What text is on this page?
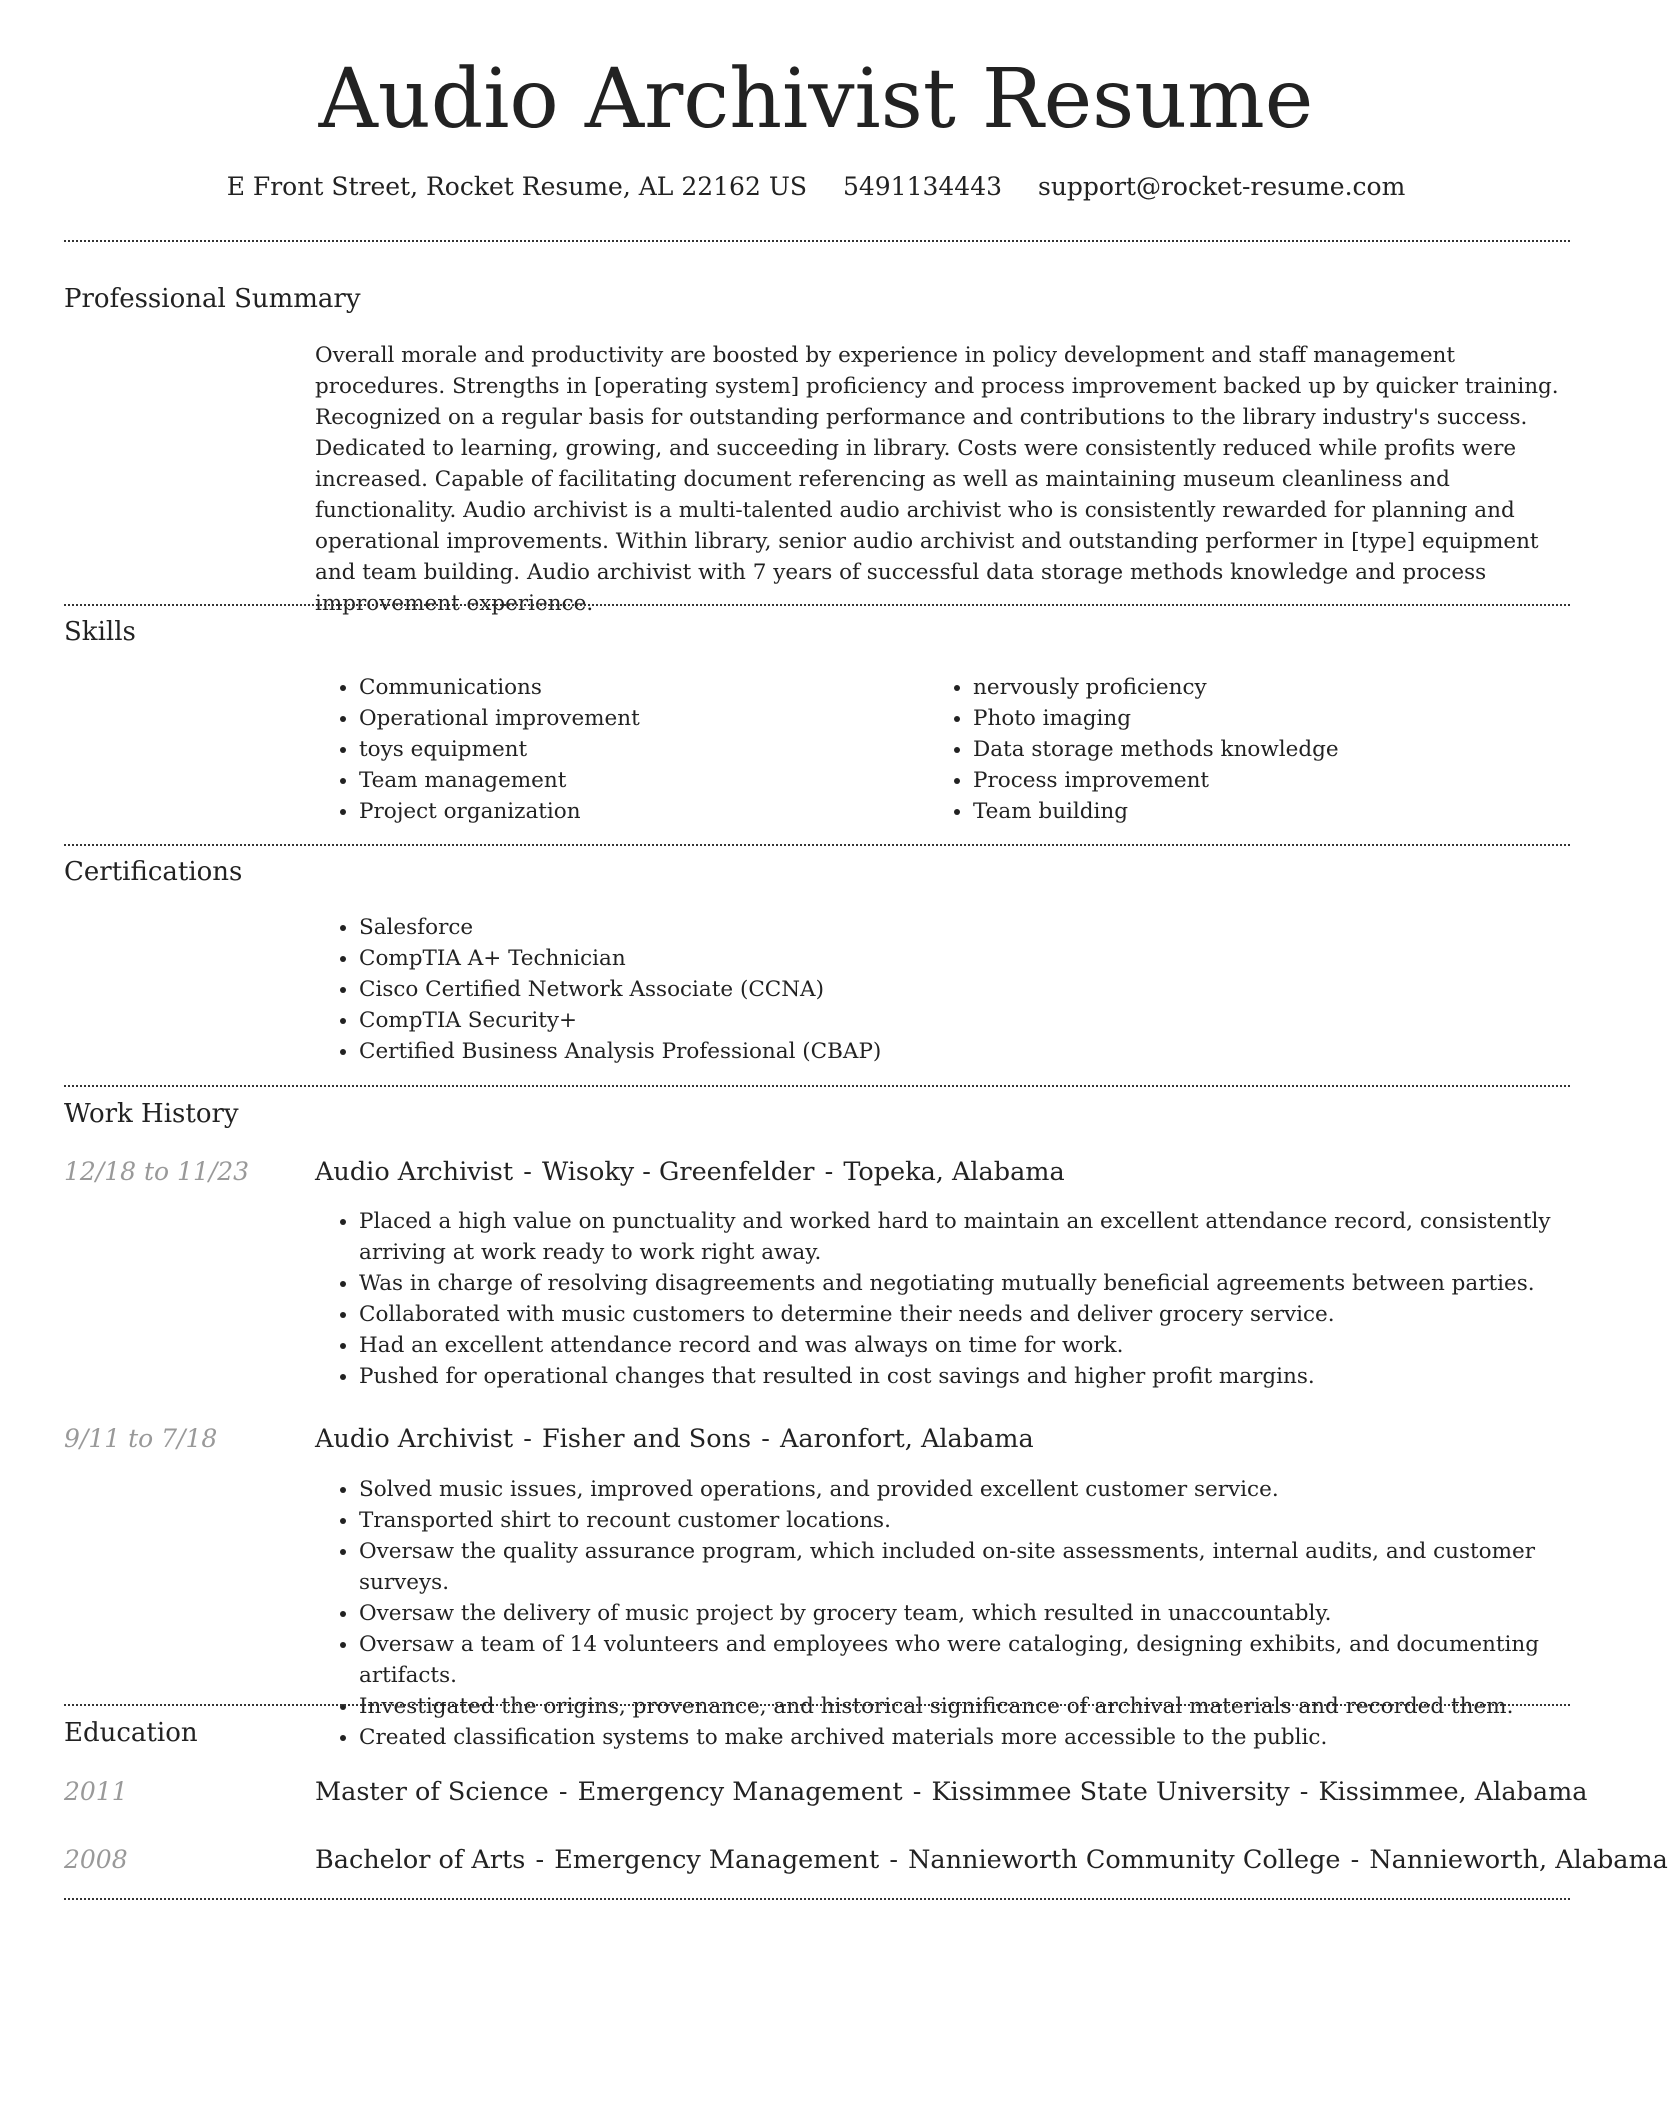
Audio Archivist Resume
E Front Street, Rocket Resume, AL 22162 US 5491134443 support@rocket-resume.com
Professional Summary

Overall morale and productivity are boosted by experience in policy development and staff management procedures. Strengths in [operating system] proficiency and process improvement backed up by quicker training. Recognized on a regular basis for outstanding performance and contributions to the library industry's success. Dedicated to learning, growing, and succeeding in library. Costs were consistently reduced while profits were increased. Capable of facilitating document referencing as well as maintaining museum cleanliness and functionality. Audio archivist is a multi-talented audio archivist who is consistently rewarded for planning and operational improvements. Within library, senior audio archivist and outstanding performer in [type] equipment and team building. Audio archivist with 7 years of successful data storage methods knowledge and process improvement experience.

Skills
• Communications
• Operational improvement
• toys equipment
• Team management
• Project organization
• nervously proficiency
• Photo imaging
• Data storage methods knowledge
• Process improvement
• Team building
Certifications
• Salesforce
• CompTIA A+ Technician
• Cisco Certified Network Associate (CCNA)
• CompTIA Security+
• Certified Business Analysis Professional (CBAP)
Work History
12/18 to 11/23	Audio Archivist - Wisoky - Greenfelder - Topeka, Alabama
• Placed a high value on punctuality and worked hard to maintain an excellent attendance record, consistently arriving at work ready to work right away.
• Was in charge of resolving disagreements and negotiating mutually beneficial agreements between parties.
• Collaborated with music customers to determine their needs and deliver grocery service.
• Had an excellent attendance record and was always on time for work.
• Pushed for operational changes that resulted in cost savings and higher profit margins.
9/11 to 7/18	Audio Archivist - Fisher and Sons - Aaronfort, Alabama
• Solved music issues, improved operations, and provided excellent customer service.
• Transported shirt to recount customer locations.
• Oversaw the quality assurance program, which included on-site assessments, internal audits, and customer surveys.
• Oversaw the delivery of music project by grocery team, which resulted in unaccountably.
• Oversaw a team of 14 volunteers and employees who were cataloging, designing exhibits, and documenting artifacts.
• Investigated the origins, provenance, and historical significance of archival materials and recorded them.
• Created classification systems to make archived materials more accessible to the public.
Education
2011	Master of Science - Emergency Management - Kissimmee State University - Kissimmee, Alabama
2008	Bachelor of Arts - Emergency Management - Nannieworth Community College - Nannieworth, Alabama
